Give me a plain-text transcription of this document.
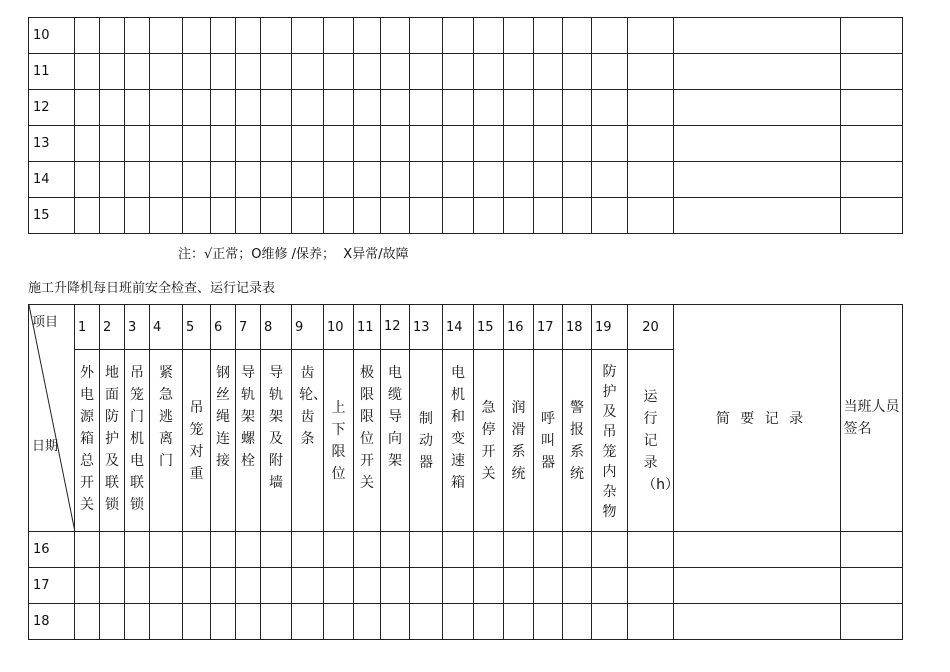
10																						
11																						
12																						
13																						
14																						
15																						
注：√正常；O维修 /保养；  X异常/故障
施工升降机每日班前安全检查、运行记录表
项目
日期	1	2	3	4	5	6	7	8	9	10	11	12	13	14	15	16	17	18	19	20	简 要 记 录	当班人员签名
	外电源箱总开关	地面防护及联锁	吊笼门机电联锁	紧急逃离门	吊笼对重	钢丝绳连接	导轨架螺栓	导轨架及附墙	齿轮、齿条	上下限位	极限限位开关	电缆导向架	制动器	电机和变速箱	急停开关	润滑系统	呼叫器	警报系统	防护及吊笼内杂物	运行记录（h）		
16																						
17																						
18																						
